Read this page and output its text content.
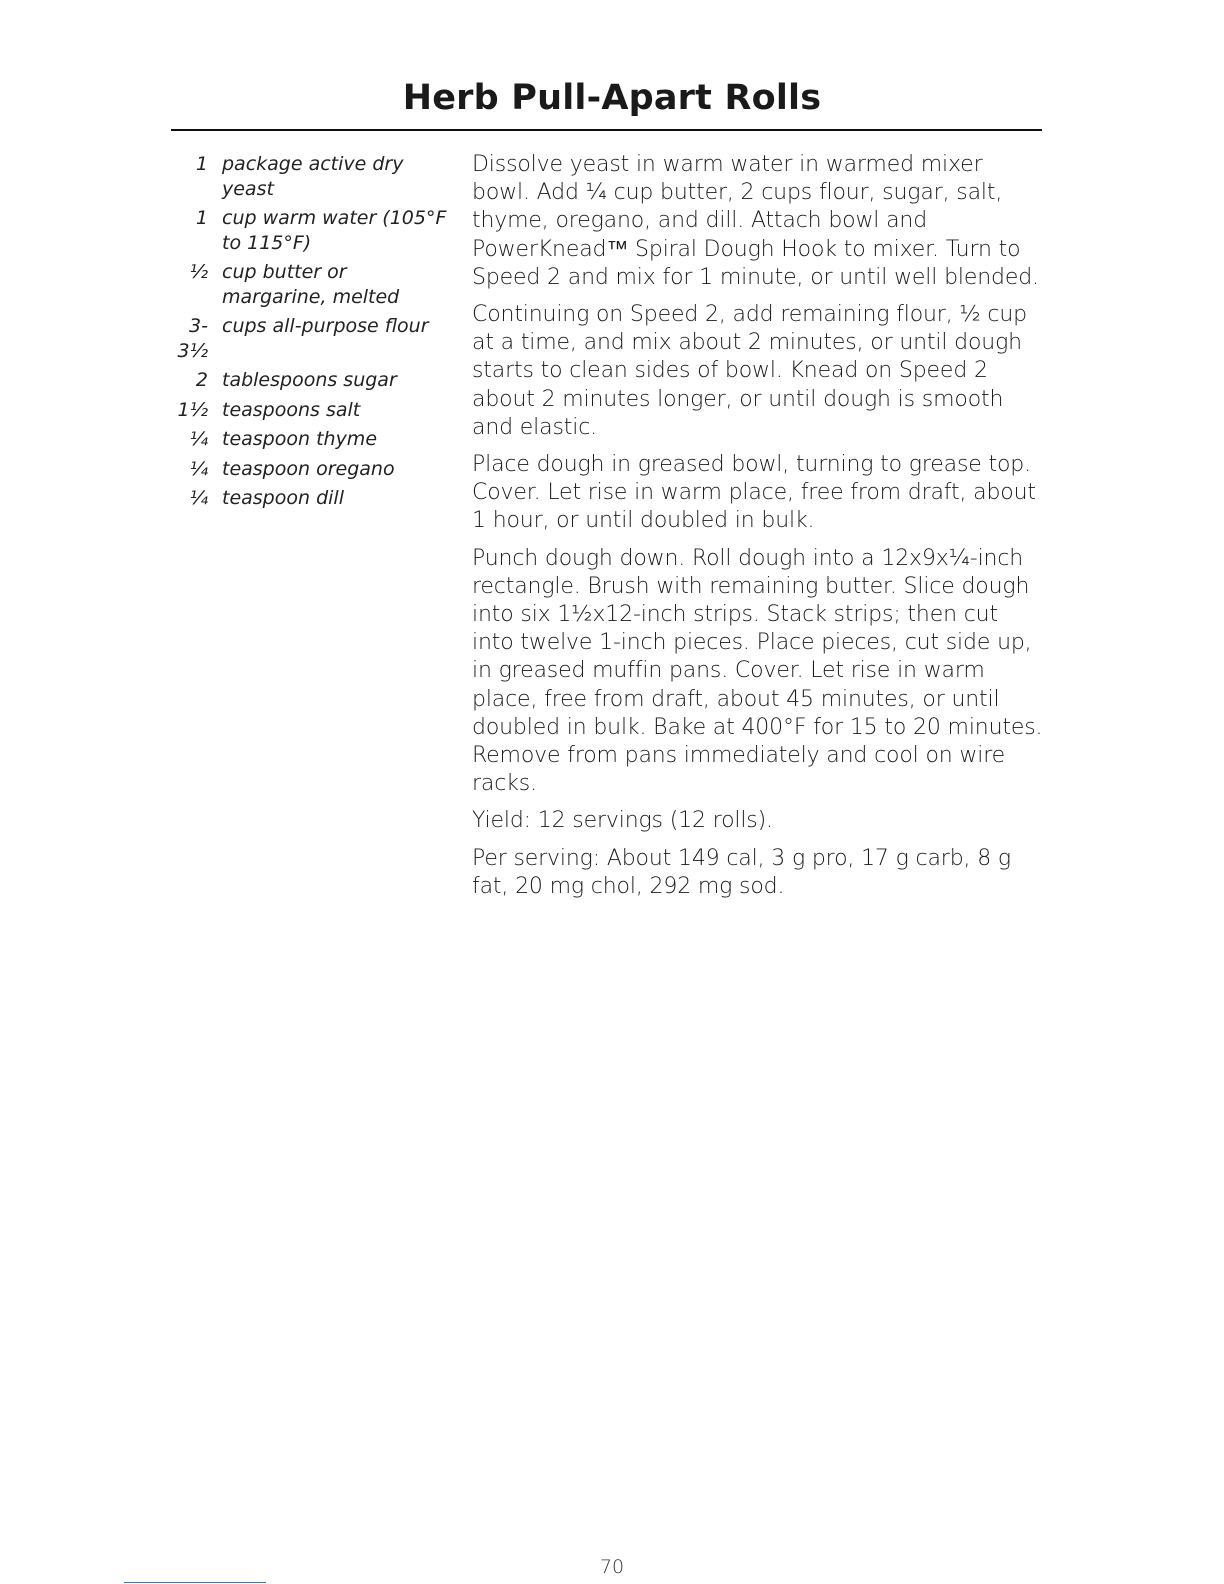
Herb Pull-Apart Rolls
1 package active dry yeast
1 cup warm water (105°F to 115°F)
½ cup butter or margarine, melted
3-3½
cups all-purpose flour
2 tablespoons sugar
1½ teaspoons salt
¼ teaspoon thyme
¼ teaspoon oregano
¼ teaspoon dill

Dissolve yeast in warm water in warmed mixer bowl. Add ¼ cup butter, 2 cups flour, sugar, salt, thyme, oregano, and dill. Attach bowl and PowerKnead™ Spiral Dough Hook to mixer. Turn to Speed 2 and mix for 1 minute, or until well blended.

Continuing on Speed 2, add remaining flour, ½ cup at a time, and mix about 2 minutes, or until dough starts to clean sides of bowl. Knead on Speed 2 about 2 minutes longer, or until dough is smooth and elastic.

Place dough in greased bowl, turning to grease top. Cover. Let rise in warm place, free from draft, about 1 hour, or until doubled in bulk.

Punch dough down. Roll dough into a 12x9x¼-inch rectangle. Brush with remaining butter. Slice dough into six 1½x12-inch strips. Stack strips; then cut into twelve 1-inch pieces. Place pieces, cut side up, in greased muffin pans. Cover. Let rise in warm place, free from draft, about 45 minutes, or until doubled in bulk. Bake at 400°F for 15 to 20 minutes. Remove from pans immediately and cool on wire racks.

Yield: 12 servings (12 rolls).

Per serving: About 149 cal, 3 g pro, 17 g carb, 8 g fat, 20 mg chol, 292 mg sod.

70
